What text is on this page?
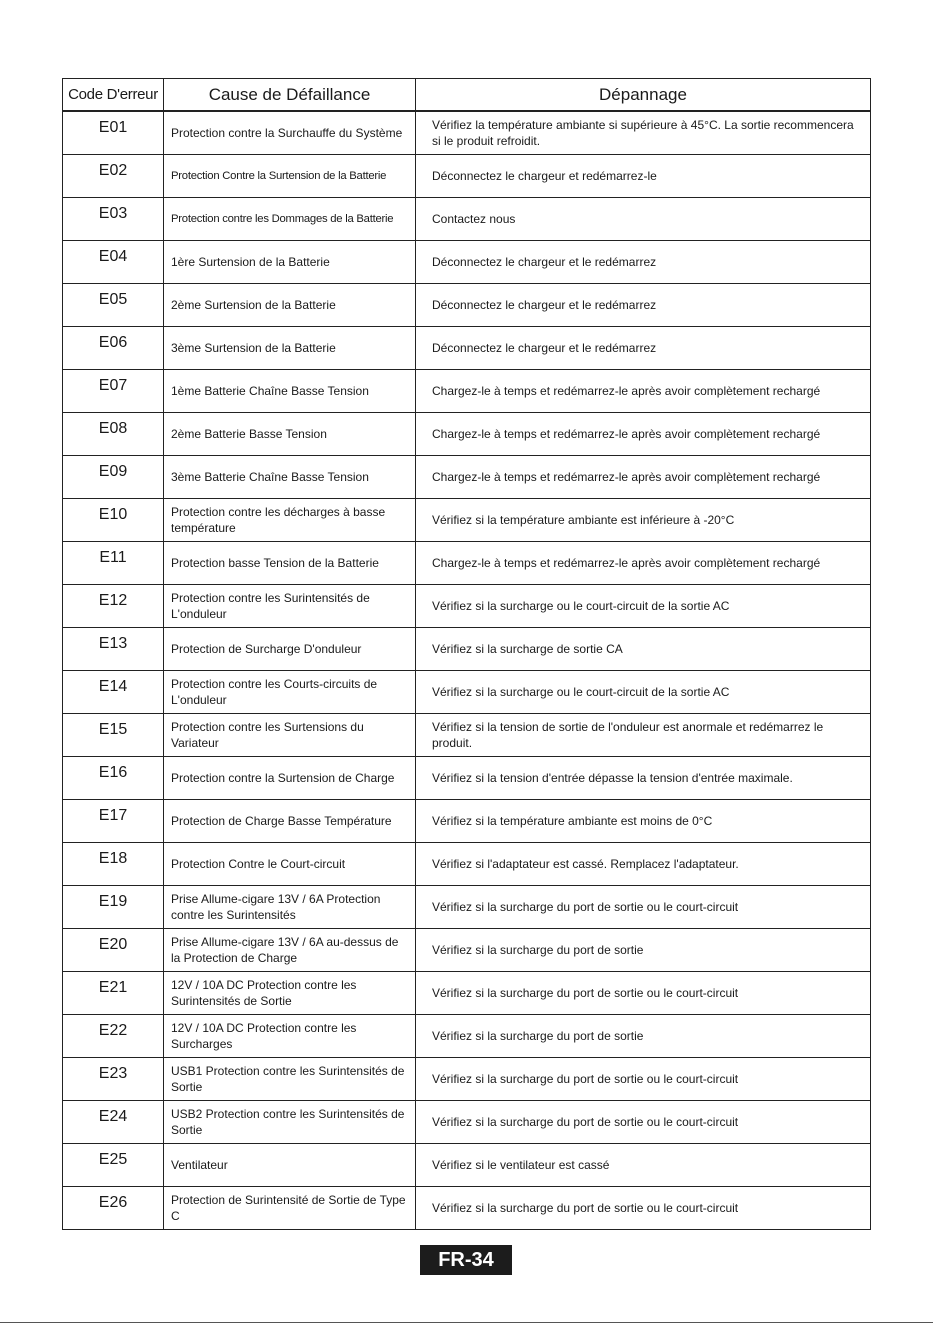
Code D'erreur	Cause de Défaillance	Dépannage
E01	Protection contre la Surchauffe du Système	Vérifiez la température ambiante si supérieure à 45°C. La sortie recommencera si le produit refroidit.
E02	Protection Contre la Surtension de la Batterie	Déconnectez le chargeur et redémarrez-le
E03	Protection contre les Dommages de la Batterie	Contactez nous
E04	1ère Surtension de la Batterie	Déconnectez le chargeur et le redémarrez
E05	2ème Surtension de la Batterie	Déconnectez le chargeur et le redémarrez
E06	3ème Surtension de la Batterie	Déconnectez le chargeur et le redémarrez
E07	1ème Batterie Chaîne Basse Tension	Chargez-le à temps et redémarrez-le après avoir complètement rechargé
E08	2ème Batterie Basse Tension	Chargez-le à temps et redémarrez-le après avoir complètement rechargé
E09	3ème Batterie Chaîne Basse Tension	Chargez-le à temps et redémarrez-le après avoir complètement rechargé
E10	Protection contre les décharges à basse température	Vérifiez si la température ambiante est inférieure à -20°C
E11	Protection basse Tension de la Batterie	Chargez-le à temps et redémarrez-le après avoir complètement rechargé
E12	Protection contre les Surintensités de L'onduleur	Vérifiez si la surcharge ou le court-circuit de la sortie AC
E13	Protection de Surcharge D'onduleur	Vérifiez si la surcharge de sortie CA
E14	Protection contre les Courts-circuits de L'onduleur	Vérifiez si la surcharge ou le court-circuit de la sortie AC
E15	Protection contre les Surtensions du Variateur	Vérifiez si la tension de sortie de l'onduleur est anormale et redémarrez le produit.
E16	Protection contre la Surtension de Charge	Vérifiez si la tension d'entrée dépasse la tension d'entrée maximale.
E17	Protection de Charge Basse Température	Vérifiez si la température ambiante est moins de 0°C
E18	Protection Contre le Court-circuit	Vérifiez si l'adaptateur est cassé. Remplacez l'adaptateur.
E19	Prise Allume-cigare 13V / 6A Protection contre les Surintensités	Vérifiez si la surcharge du port de sortie ou le court-circuit
E20	Prise Allume-cigare 13V / 6A au-dessus de la Protection de Charge	Vérifiez si la surcharge du port de sortie
E21	12V / 10A DC Protection contre les Surintensités de Sortie	Vérifiez si la surcharge du port de sortie ou le court-circuit
E22	12V / 10A DC Protection contre les Surcharges	Vérifiez si la surcharge du port de sortie
E23	USB1 Protection contre les Surintensités de Sortie	Vérifiez si la surcharge du port de sortie ou le court-circuit
E24	USB2 Protection contre les Surintensités de Sortie	Vérifiez si la surcharge du port de sortie ou le court-circuit
E25	Ventilateur	Vérifiez si le ventilateur est cassé
E26	Protection de Surintensité de Sortie de Type C	Vérifiez si la surcharge du port de sortie ou le court-circuit
FR-34
